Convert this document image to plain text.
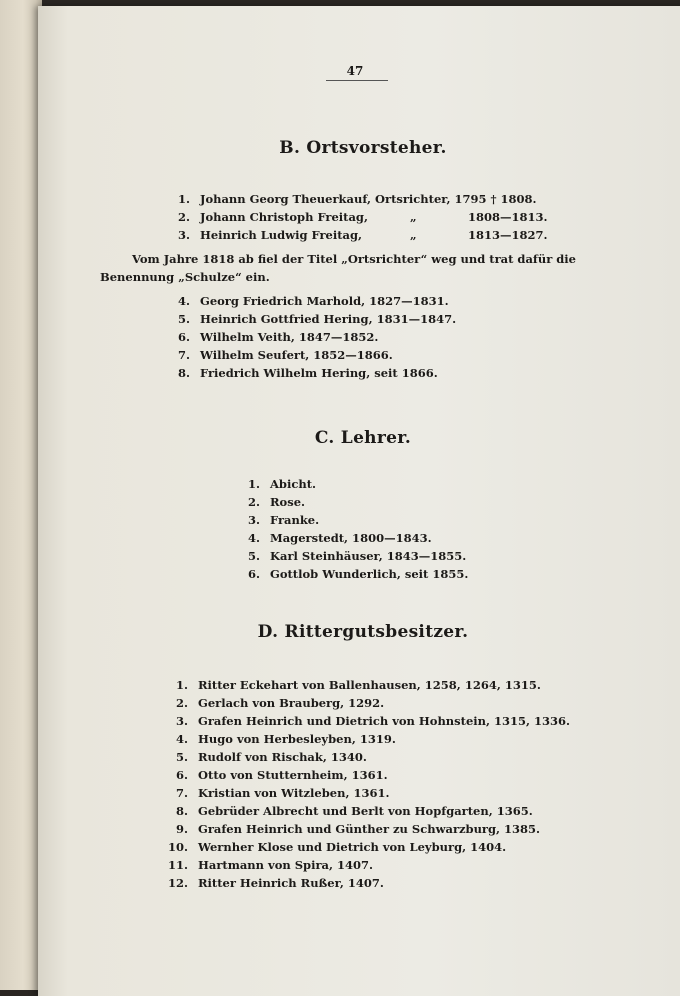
47
B. Ortsvorsteher.
1. Johann Georg Theuerkauf, Ortsrichter, 1795 † 1808.
2. Johann Christoph Freitag,	„	1808—1813.
3. Heinrich Ludwig Freitag,	„	1813—1827.
Vom Jahre 1818 ab fiel der Titel „Ortsrichter“ weg und trat dafür die
Benennung „Schulze“ ein.
4. Georg Friedrich Marhold, 1827—1831.
5. Heinrich Gottfried Hering, 1831—1847.
6. Wilhelm Veith, 1847—1852.
7. Wilhelm Seufert, 1852—1866.
8. Friedrich Wilhelm Hering, seit 1866.
C. Lehrer.
1. Abicht.
2. Rose.
3. Franke.
4. Magerstedt, 1800—1843.
5. Karl Steinhäuser, 1843—1855.
6. Gottlob Wunderlich, seit 1855.
D. Rittergutsbesitzer.
1. Ritter Eckehart von Ballenhausen, 1258, 1264, 1315.
2. Gerlach von Brauberg, 1292.
3. Grafen Heinrich und Dietrich von Hohnstein, 1315, 1336.
4. Hugo von Herbesleyben, 1319.
5. Rudolf von Rischak, 1340.
6. Otto von Stutternheim, 1361.
7. Kristian von Witzleben, 1361.
8. Gebrüder Albrecht und Berlt von Hopfgarten, 1365.
9. Grafen Heinrich und Günther zu Schwarzburg, 1385.
10. Wernher Klose und Dietrich von Leyburg, 1404.
11. Hartmann von Spira, 1407.
12. Ritter Heinrich Rußer, 1407.
